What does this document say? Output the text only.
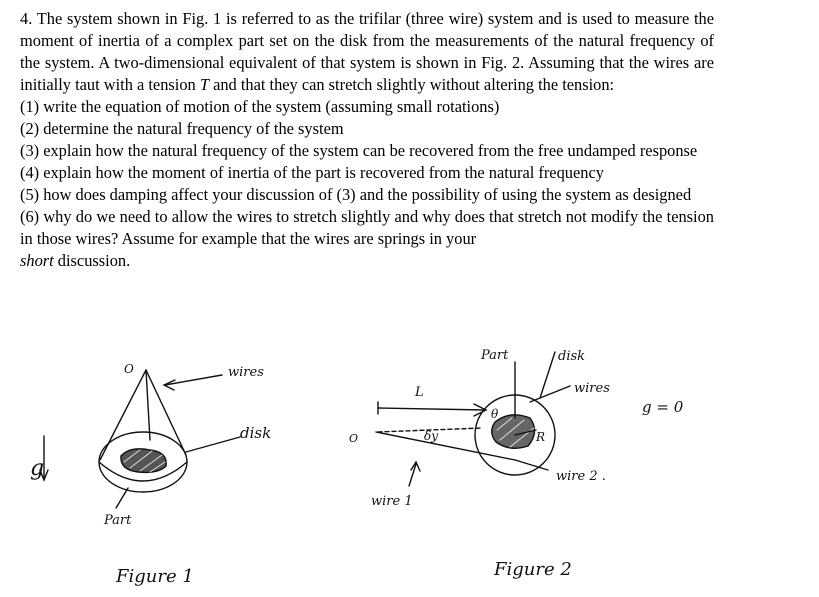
4. The system shown in Fig. 1 is referred to as the trifilar (three wire) system and is used to measure the moment of inertia of a complex part set on the disk from the measurements of the natural frequency of the system. A two-dimensional equivalent of that system is shown in Fig. 2. Assuming that the wires are initially taut with a tension T and that they can stretch slightly without altering the tension:

(1) write the equation of motion of the system (assuming small rotations)

(2) determine the natural frequency of the system

(3) explain how the natural frequency of the system can be recovered from the free undamped response

(4) explain how the moment of inertia of the part is recovered from the natural frequency

(5) how does damping affect your discussion of (3) and the possibility of using the system as designed

(6) why do we need to allow the wires to stretch slightly and why does that stretch not modify the tension in those wires? Assume for example that the wires are springs in your
short discussion.

g
O	wires
disk
Part
Figure 1
O
L
δy
θ
R
Part	disk
wires
g = 0
wire 1
wire 2 .
Figure 2
